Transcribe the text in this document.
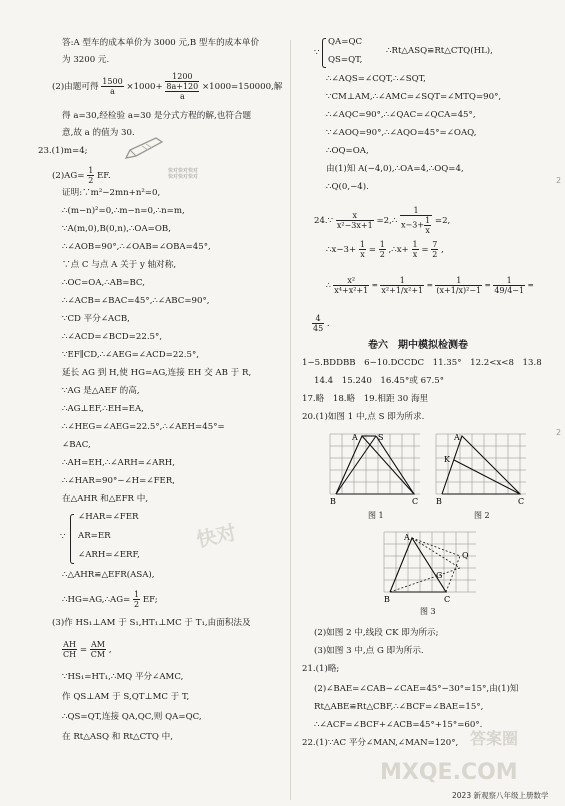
答:A 型车的成本单价为 3000 元,B 型车的成本单价
为 3200 元.
(2)由题可得 $\frac{1500}{a} \times 1000+$
1200
8a+120
a
×1000=150000,解
得 a=30,经检验 a=30 是分式方程的解,也符合题
意,故 a 的值为 30.
23.(1)m=4;
$(2)AG= \frac{1}{2}$ EF.	快对快对快对
快对快对快对
证明:∵m²−2mn+n²=0,
∴(m−n)²=0,∴m−n=0,∴n=m,
∵A(m,0),B(0,n),∴OA=OB,
∴∠AOB=90°,∴∠OAB=∠OBA=45°,
∵点 C 与点 A 关于 y 轴对称,
∴OC=OA,∴AB=BC,
∴∠ACB=∠BAC=45°,∴∠ABC=90°,
∵CD 平分∠ACB,
∴∠ACD=∠BCD=22.5°,
∵EF∥CD,∴∠AEG=∠ACD=22.5°,
延长 AG 到 H,使 HG=AG,连接 EH 交 AB 于 R,
∵AG 是△AEF 的高,
∴AG⊥EF,∴EH=EA,
∴∠HEG=∠AEG=22.5°,∴∠AEH=45°=
∠BAC,
∴AH=EH,∴∠ARH=∠ARH,
∴∠HAR=90°−∠H=∠FER,
在△AHR 和△EFR 中,
∵
∠HAR=∠FER
AR=ER
∠ARH=∠ERF,
∴△AHR≌△EFR(ASA),
∴HG=AG,∴AG= $\frac{1}{2}$ EF;
(3)作 HS₁⊥AM 于 S₁,HT₁⊥MC 于 T₁,由面积法及
$\frac{AH}{CH} = \frac{AM}{CM}$ ,
∵HS₁=HT₁,∴MQ 平分∠AMC,
作 QS⊥AM 于 S,QT⊥MC 于 T,
∴QS=QT,连接 QA,QC,则 QA=QC,
在 Rt△ASQ 和 Rt△CTQ 中,
∵
QA=QC
QS=QT,
∴Rt△ASQ≌Rt△CTQ(HL),
∴∠AQS=∠CQT,∴∠SQT,
∵CM⊥AM,∴∠AMC=∠SQT=∠MTQ=90°,
∴∠AQC=90°,∴∠QAC=∠QCA=45°,
∵∠AOQ=90°,∴∠AQO=45°=∠OAQ,
∴OQ=OA,
由(1)知 A(−4,0),∴OA=4,∴OQ=4,
∴Q(0,−4).
24.∵ $\frac{x}{\text{x²−3x+1}}$ =2,∴ $\frac{1}{x-3+ \frac{1}{x}} =2$,
∴x−3+ $\frac{1}{x} = \frac{1}{2}$ ,∴x+ $\frac{1}{x} = \frac{7}{2}$ ,
∴ $\frac{\text{x²}}{\text{x⁴+x²+1}} = \frac{1}{\text{x²+1/x²+1}} = \frac{1}{\text{(x+1/x)²−1}} = \frac{1}{49/4-1}$ =
$\frac{4}{45}$ .
卷六　期中模拟检测卷
1−5.BDDBB　6−10.DCCDC　11.35°　12.2<x<8　13.8
14.4　15.240　16.45°或 67.5°
17.略　18.略　19.相距 30 海里
20.(1)如图 1 中,点 S 即为所求.
A	S
B	C
图 1
A
K
B	C
图 2
A
Q
G
B	C
图 3
(2)如图 2 中,线段 CK 即为所示;
(3)如图 3 中,点 G 即为所示.
21.(1)略;
(2)∠BAE=∠CAB−∠CAE=45°−30°=15°,由(1)知
Rt△ABE≌Rt△CBF,∴∠BCF=∠BAE=15°,
∴∠ACF=∠BCF+∠ACB=45°+15°=60°.
22.(1)∵AC 平分∠MAN,∠MAN=120°,
快对
答案圈
MXQE.COM
2
2
2023 新观察八年级上册数学
